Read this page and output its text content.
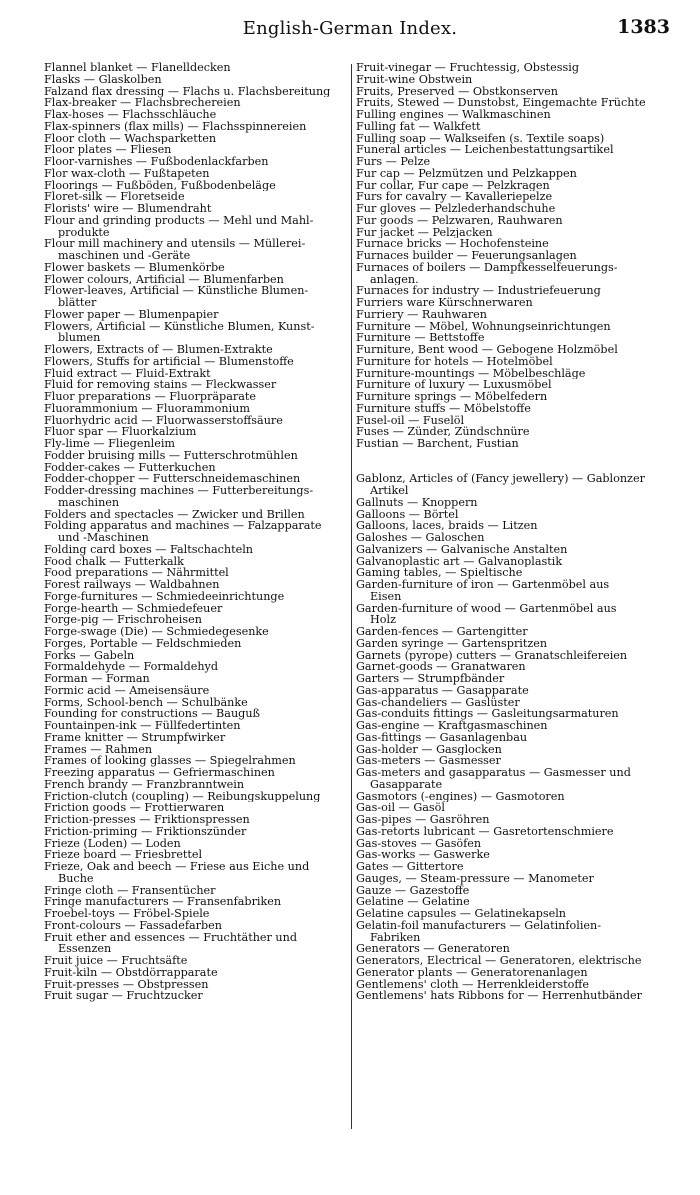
English-German Index.	1383
Flannel blanket — Flanelldecken
Flasks — Glaskolben
Falzand flax dressing — Flachs u. Flachsbereitung
Flax-breaker — Flachsbrechereien
Flax-hoses — Flachsschläuche
Flax-spinners (flax mills) — Flachsspinnereien
Floor cloth — Wachsparketten
Floor plates — Fliesen
Floor-varnishes — Fußbodenlackfarben
Flor wax-cloth — Fußtapeten
Floorings — Fußböden, Fußbodenbeläge
Floret-silk — Floretseide
Florists' wire — Blumendraht
Flour and grinding products — Mehl und Mahl-
produkte
Flour mill machinery and utensils — Müllerei-
maschinen und -Geräte
Flower baskets — Blumenkörbe
Flower colours, Artificial — Blumenfarben
Flower-leaves, Artificial — Künstliche Blumen-
blätter
Flower paper — Blumenpapier
Flowers, Artificial — Künstliche Blumen, Kunst-
blumen
Flowers, Extracts of — Blumen-Extrakte
Flowers, Stuffs for artificial — Blumenstoffe
Fluid extract — Fluid-Extrakt
Fluid for removing stains — Fleckwasser
Fluor preparations — Fluorpräparate
Fluorammonium — Fluorammonium
Fluorhydric acid — Fluorwasserstoffsäure
Fluor spar — Fluorkalzium
Fly-lime — Fliegenleim
Fodder bruising mills — Futterschrotmühlen
Fodder-cakes — Futterkuchen
Fodder-chopper — Futterschneidemaschinen
Fodder-dressing machines — Futterbereitungs-
maschinen
Folders and spectacles — Zwicker und Brillen
Folding apparatus and machines — Falzapparate
und -Maschinen
Folding card boxes — Faltschachteln
Food chalk — Futterkalk
Food preparations — Nährmittel
Forest railways — Waldbahnen
Forge-furnitures — Schmiedeeinrichtunge
Forge-hearth — Schmiedefeuer
Forge-pig — Frischroheisen
Forge-swage (Die) — Schmiedegesenke
Forges, Portable — Feldschmieden
Forks — Gabeln
Formaldehyde — Formaldehyd
Forman — Forman
Formic acid — Ameisensäure
Forms, School-bench — Schulbänke
Founding for constructions — Bauguß
Fountainpen-ink — Füllfedertinten
Frame knitter — Strumpfwirker
Frames — Rahmen
Frames of looking glasses — Spiegelrahmen
Freezing apparatus — Gefriermaschinen
French brandy — Franzbranntwein
Friction-clutch (coupling) — Reibungskuppelung
Friction goods — Frottierwaren
Friction-presses — Friktionspressen
Friction-priming — Friktionszünder
Frieze (Loden) — Loden
Frieze board — Friesbrettel
Frieze, Oak and beech — Friese aus Eiche und
Buche
Fringe cloth — Fransentücher
Fringe manufacturers — Fransenfabriken
Froebel-toys — Fröbel-Spiele
Front-colours — Fassadefarben
Fruit ether and essences — Fruchtäther und
Essenzen
Fruit juice — Fruchtsäfte
Fruit-kiln — Obstdörrapparate
Fruit-presses — Obstpressen
Fruit sugar — Fruchtzucker
Fruit-vinegar — Fruchtessig, Obstessig
Fruit-wine Obstwein
Fruits, Preserved — Obstkonserven
Fruits, Stewed — Dunstobst, Eingemachte Früchte
Fulling engines — Walkmaschinen
Fulling fat — Walkfett
Fulling soap — Walkseifen (s. Textile soaps)
Funeral articles — Leichenbestattungsartikel
Furs — Pelze
Fur cap — Pelzmützen und Pelzkappen
Fur collar, Fur cape — Pelzkragen
Furs for cavalry — Kavalleriepelze
Fur gloves — Pelzlederhandschuhe
Fur goods — Pelzwaren, Rauhwaren
Fur jacket — Pelzjacken
Furnace bricks — Hochofensteine
Furnaces builder — Feuerungsanlagen
Furnaces of boilers — Dampfkesselfeuerungs-
anlagen.
Furnaces for industry — Industriefeuerung
Furriers ware Kürschnerwaren
Furriery — Rauhwaren
Furniture — Möbel, Wohnungseinrichtungen
Furniture — Bettstoffe
Furniture, Bent wood — Gebogene Holzmöbel
Furniture for hotels — Hotelmöbel
Furniture-mountings — Möbelbeschläge
Furniture of luxury — Luxusmöbel
Furniture springs — Möbelfedern
Furniture stuffs — Möbelstoffe
Fusel-oil — Fuselöl
Fuses — Zünder, Zündschnüre
Fustian — Barchent, Fustian
Gablonz, Articles of (Fancy jewellery) — Gablonzer
Artikel
Gallnuts — Knoppern
Galloons — Börtel
Galloons, laces, braids — Litzen
Galoshes — Galoschen
Galvanizers — Galvanische Anstalten
Galvanoplastic art — Galvanoplastik
Gaming tables, — Spieltische
Garden-furniture of iron — Gartenmöbel aus
Eisen
Garden-furniture of wood — Gartenmöbel aus
Holz
Garden-fences — Gartengitter
Garden syringe — Gartenspritzen
Garnets (pyrope) cutters — Granatschleifereien
Garnet-goods — Granatwaren
Garters — Strumpfbänder
Gas-apparatus — Gasapparate
Gas-chandeliers — Gaslüster
Gas-conduits fittings — Gasleitungsarmaturen
Gas-engine — Kraftgasmaschinen
Gas-fittings — Gasanlagenbau
Gas-holder — Gasglocken
Gas-meters — Gasmesser
Gas-meters and gasapparatus — Gasmesser und
Gasapparate
Gasmotors (-engines) — Gasmotoren
Gas-oil — Gasöl
Gas-pipes — Gasröhren
Gas-retorts lubricant — Gasretortenschmiere
Gas-stoves — Gasöfen
Gas-works — Gaswerke
Gates — Gittertore
Gauges, — Steam-pressure — Manometer
Gauze — Gazestoffe
Gelatine — Gelatine
Gelatine capsules — Gelatinekapseln
Gelatin-foil manufacturers — Gelatinfolien-
Fabriken
Generators — Generatoren
Generators, Electrical — Generatoren, elektrische
Generator plants — Generatorenanlagen
Gentlemens' cloth — Herrenkleiderstoffe
Gentlemens' hats Ribbons for — Herrenhutbänder
